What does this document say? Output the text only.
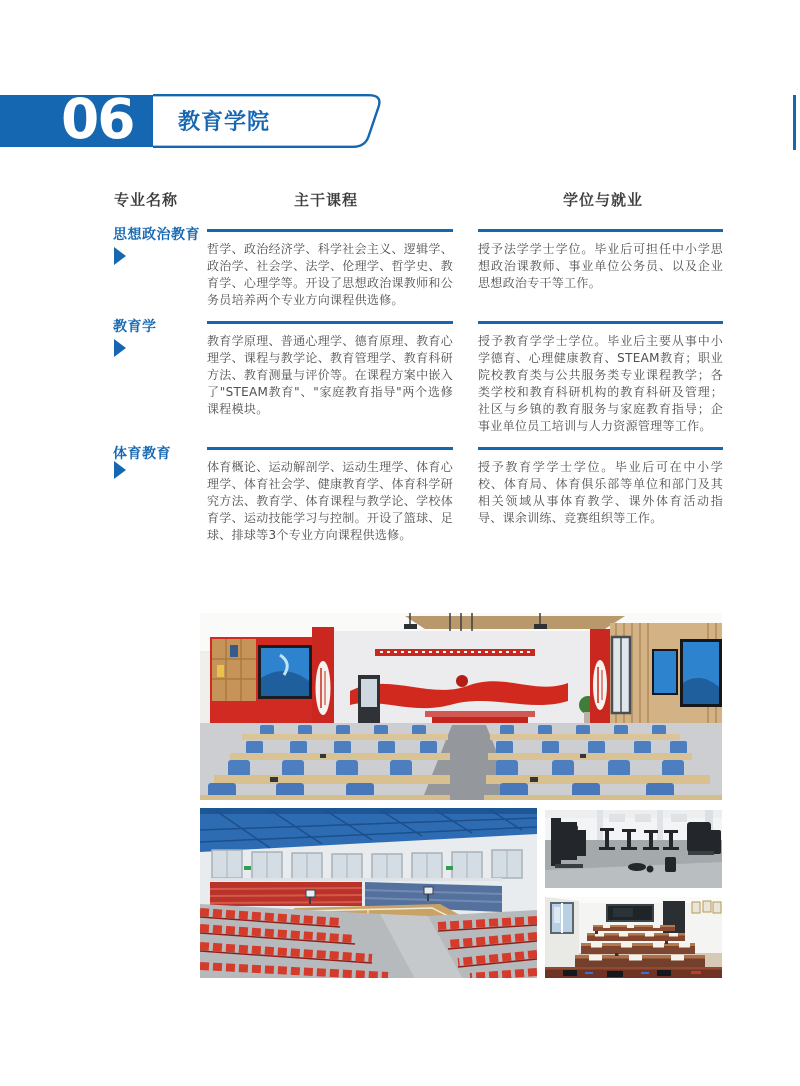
06 教育学院
专业名称	主干课程	学位与就业
思想政治教育

哲学、政治经济学、科学社会主义、逻辑学、政治学、社会学、法学、伦理学、哲学史、教育学、心理学等。开设了思想政治课教师和公务员培养两个专业方向课程供选修。

授予法学学士学位。毕业后可担任中小学思想政治课教师、事业单位公务员、以及企业思想政治专干等工作。

教育学

教育学原理、普通心理学、德育原理、教育心理学、课程与教学论、教育管理学、教育科研方法、教育测量与评价等。在课程方案中嵌入了"STEAM教育"、"家庭教育指导"两个选修课程模块。

授予教育学学士学位。毕业后主要从事中小学德育、心理健康教育、STEAM教育；职业院校教育类与公共服务类专业课程教学；各类学校和教育科研机构的教育科研及管理；社区与乡镇的教育服务与家庭教育指导；企事业单位员工培训与人力资源管理等工作。

体育教育

体育概论、运动解剖学、运动生理学、体育心理学、体育社会学、健康教育学、体育科学研究方法、教育学、体育课程与教学论、学校体育学、运动技能学习与控制。开设了篮球、足球、排球等3个专业方向课程供选修。

授予教育学学士学位。毕业后可在中小学校、体育局、体育俱乐部等单位和部门及其相关领域从事体育教学、课外体育活动指导、课余训练、竞赛组织等工作。
